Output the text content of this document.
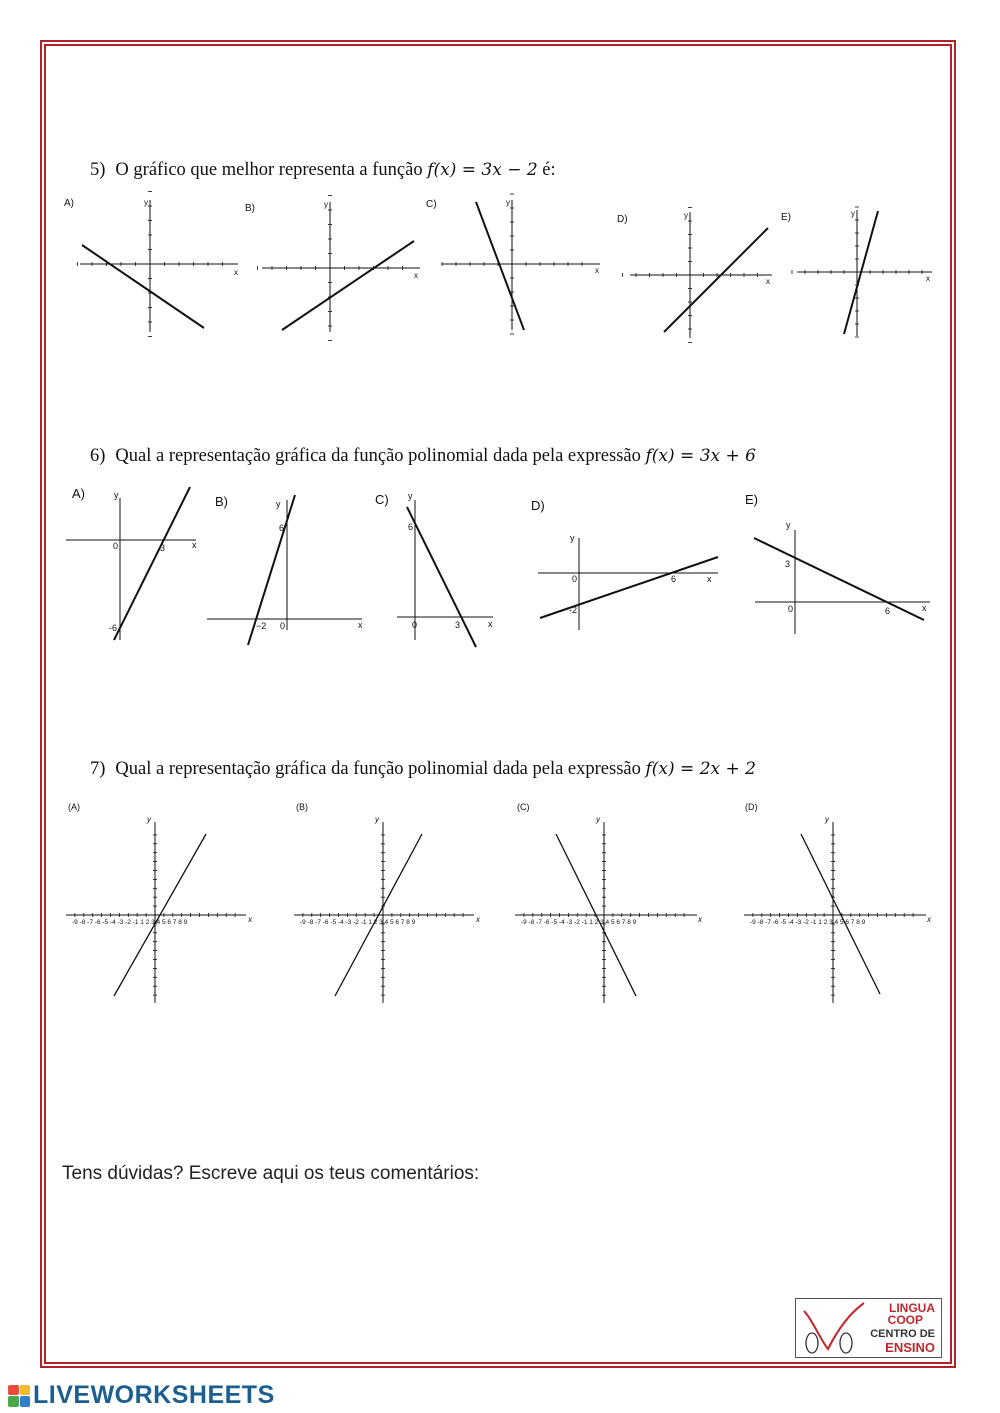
5) O gráfico que melhor representa a função f(x) = 3x − 2 é:
6) Qual a representação gráfica da função polinomial dada pela expressão f(x) = 3x + 6
7) Qual a representação gráfica da função polinomial dada pela expressão f(x) = 2x + 2
A)	B)	C)
D)	E)
y
x
y
x
y
x
y
x
y
x
A)
B)	C)	D)	E)
y
x
y
x
y
x
y
x
y
x
0	3
-6
6
−2 0
6
0	3
0	6
-2
3
0	6
(A)	(B)	(C)	(D)
y
x
y
x
y
x
y
x
-9 -8 -7 -6 -5 -4 -3 -2 -1 1 2 3 4 5 6 7 8 9	-9 -8 -7 -6 -5 -4 -3 -2 -1 1 2 3 4 5 6 7 8 9	-9 -8 -7 -6 -5 -4 -3 -2 -1 1 2 3 4 5 6 7 8 9	-9 -8 -7 -6 -5 -4 -3 -2 -1 1 2 3 4 5 6 7 8 9
Tens dúvidas? Escreve aqui os teus comentários:
LINGUA
COOP
CENTRO DE
ENSINO
LIVEWORKSHEETS
